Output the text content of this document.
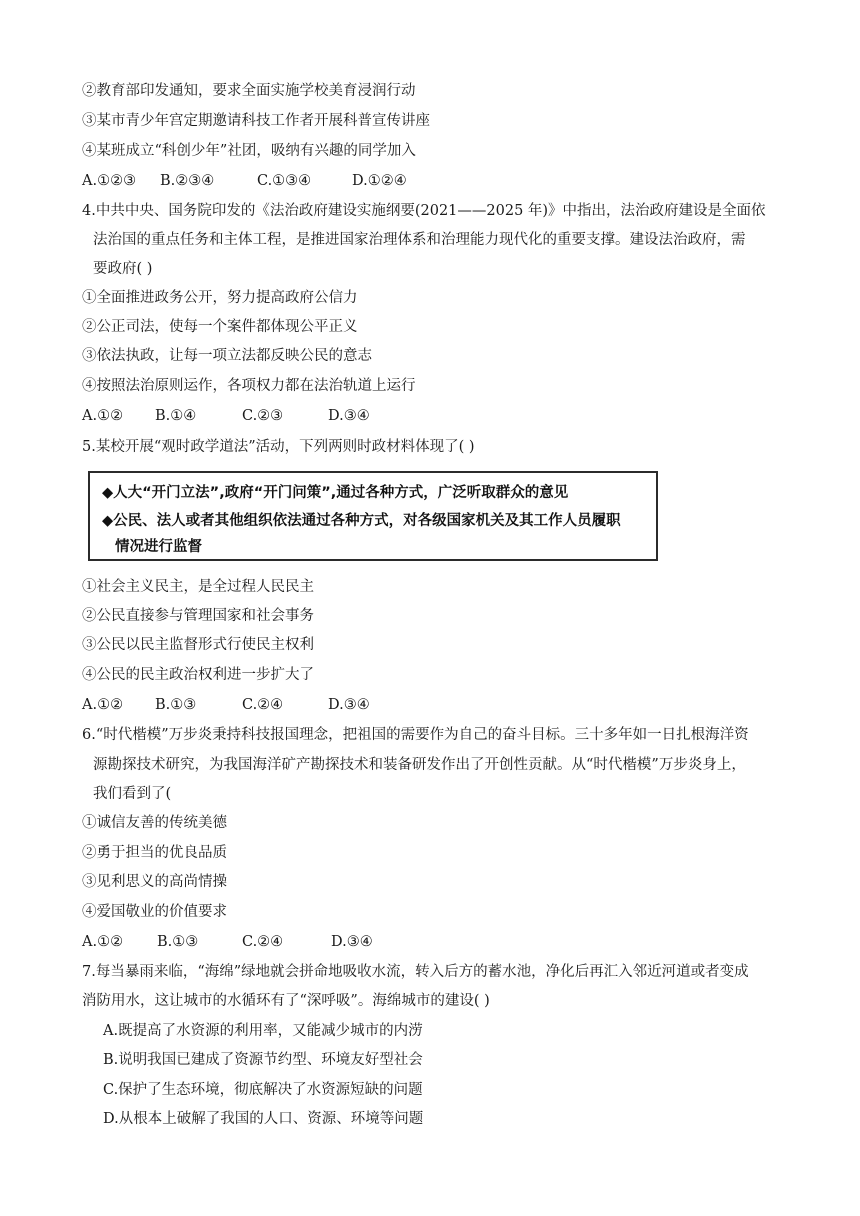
②教育部印发通知，要求全面实施学校美育浸润行动
③某市青少年宫定期邀请科技工作者开展科普宣传讲座
④某班成立“科创少年”社团，吸纳有兴趣的同学加入
A.①②③ B.②③④	C.①③④	D.①②④
4.中共中央、国务院印发的《法治政府建设实施纲要(2021——2025 年)》中指出，法治政府建设是全面依
法治国的重点任务和主体工程，是推进国家治理体系和治理能力现代化的重要支撑。建设法治政府，需
要政府( )
①全面推进政务公开，努力提高政府公信力
②公正司法，使每一个案件都体现公平正义
③依法执政，让每一项立法都反映公民的意志
④按照法治原则运作，各项权力都在法治轨道上运行
A.①② B.①④	C.②③	D.③④
5.某校开展“观时政学道法”活动，下列两则时政材料体现了( )
◆人大“开门立法”,政府“开门问策”,通过各种方式，广泛听取群众的意见
◆公民、法人或者其他组织依法通过各种方式，对各级国家机关及其工作人员履职
情况进行监督
①社会主义民主，是全过程人民民主
②公民直接参与管理国家和社会事务
③公民以民主监督形式行使民主权利
④公民的民主政治权利进一步扩大了
A.①② B.①③	C.②④	D.③④
6.“时代楷模”万步炎秉持科技报国理念，把祖国的需要作为自己的奋斗目标。三十多年如一日扎根海洋资
源勘探技术研究，为我国海洋矿产勘探技术和装备研发作出了开创性贡献。从“时代楷模”万步炎身上，
我们看到了(
①诚信友善的传统美德
②勇于担当的优良品质
③见利思义的高尚情操
④爱国敬业的价值要求
A.①② B.①③	C.②④	D.③④
7.每当暴雨来临，“海绵”绿地就会拼命地吸收水流，转入后方的蓄水池，净化后再汇入邻近河道或者变成
消防用水，这让城市的水循环有了“深呼吸”。海绵城市的建设( )
A.既提高了水资源的利用率，又能减少城市的内涝
B.说明我国已建成了资源节约型、环境友好型社会
C.保护了生态环境，彻底解决了水资源短缺的问题
D.从根本上破解了我国的人口、资源、环境等问题
